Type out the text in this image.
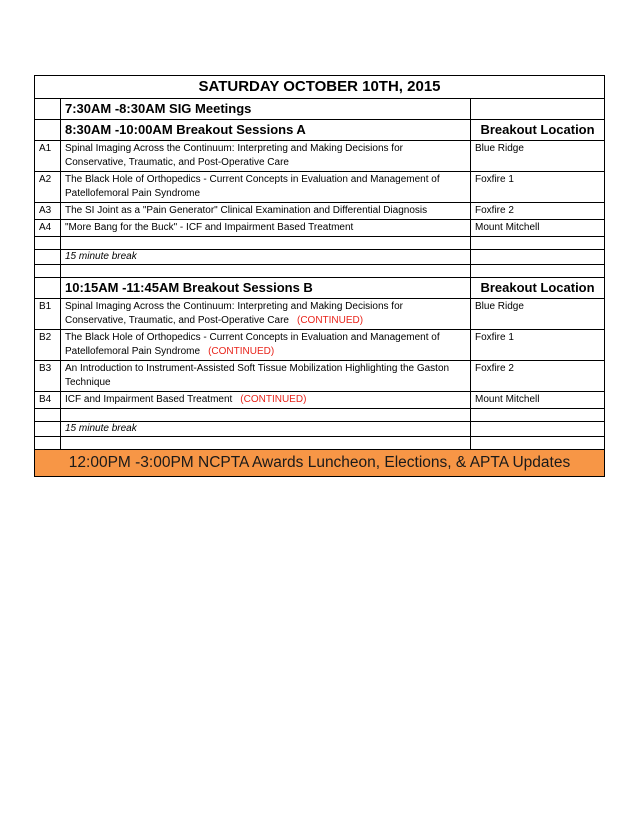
SATURDAY OCTOBER 10TH, 2015		
	7:30AM -8:30AM SIG Meetings	
	8:30AM -10:00AM Breakout Sessions A	Breakout Location
A1	Spinal Imaging Across the Continuum: Interpreting and Making Decisions for Conservative, Traumatic, and Post-Operative Care	Blue Ridge
A2	The Black Hole of Orthopedics - Current Concepts in Evaluation and Management of Patellofemoral Pain Syndrome	Foxfire 1
A3	The SI Joint as a "Pain Generator" Clinical Examination and Differential Diagnosis	Foxfire 2
A4	"More Bang for the Buck" - ICF and Impairment Based Treatment	Mount Mitchell

	15 minute break	

	10:15AM -11:45AM Breakout Sessions B	Breakout Location
B1	Spinal Imaging Across the Continuum: Interpreting and Making Decisions for Conservative, Traumatic, and Post-Operative Care (CONTINUED)	Blue Ridge
B2	The Black Hole of Orthopedics - Current Concepts in Evaluation and Management of Patellofemoral Pain Syndrome (CONTINUED)	Foxfire 1
B3	An Introduction to Instrument-Assisted Soft Tissue Mobilization Highlighting the Gaston Technique	Foxfire 2
B4	ICF and Impairment Based Treatment (CONTINUED)	Mount Mitchell

	15 minute break	

12:00PM -3:00PM NCPTA Awards Luncheon, Elections, & APTA Updates		
